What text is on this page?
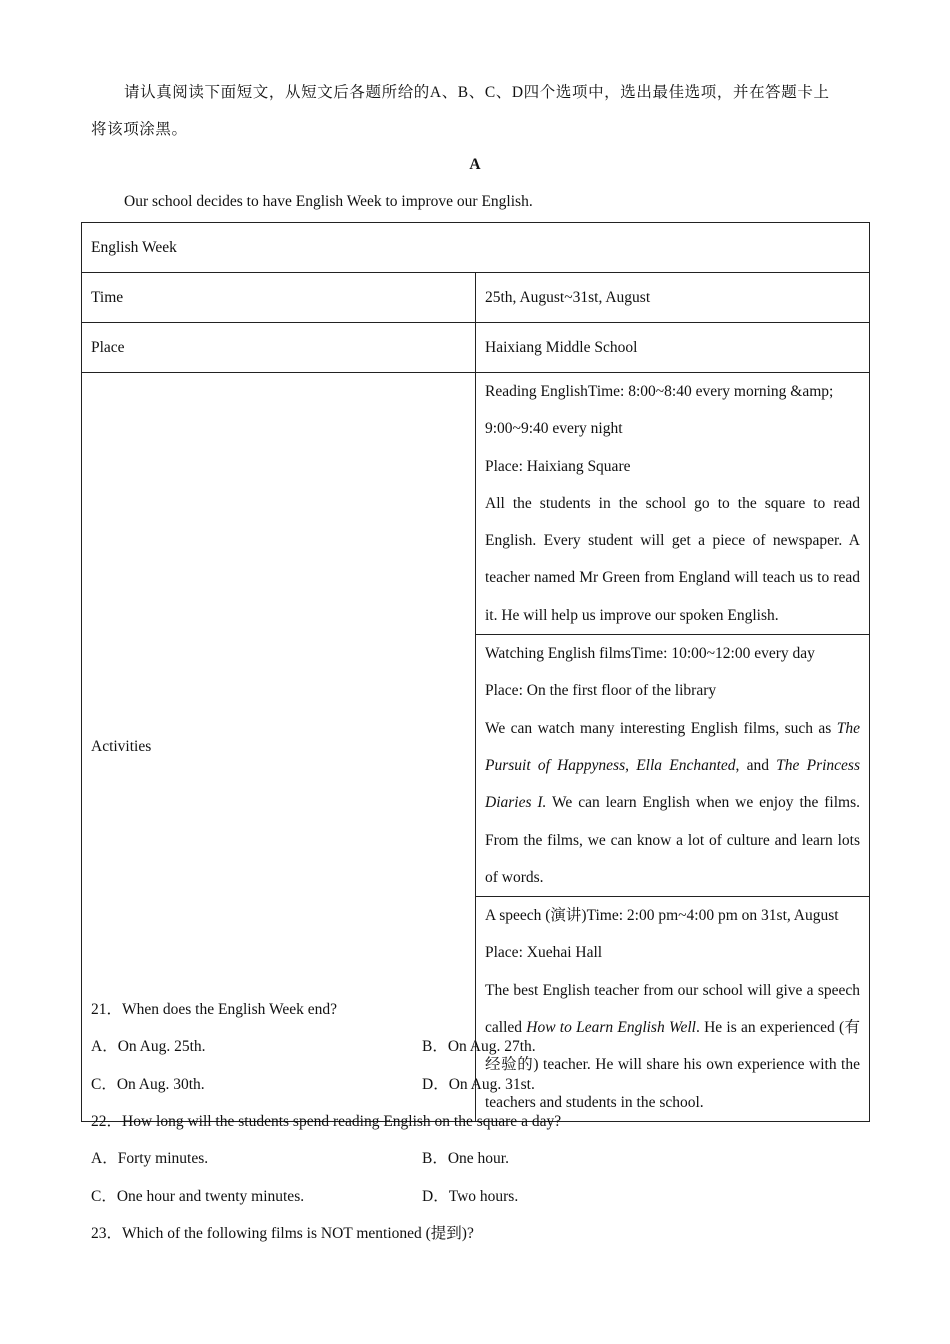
请认真阅读下面短文，从短文后各题所给的A、B、C、D四个选项中，选出最佳选项，并在答题卡上
将该项涂黑。
A
Our school decides to have English Week to improve our English.
English Week	
Time	25th, August~31st, August
Place	Haixiang Middle School
Activities	Reading EnglishTime: 8:00~8:40 every morning &amp; 9:00~9:40 every night

Place: Haixiang Square

All the students in the school go to the square to read English. Every student will get a piece of newspaper. A teacher named Mr Green from England will teach us to read it. He will help us improve our spoken English.

	Watching English filmsTime: 10:00~12:00 every day

Place: On the first floor of the library

We can watch many interesting English films, such as The Pursuit of Happyness, Ella Enchanted, and The Princess Diaries I. We can learn English when we enjoy the films. From the films, we can know a lot of culture and learn lots of words.

	A speech (演讲)Time: 2:00 pm~4:00 pm on 31st, August

Place: Xuehai Hall

The best English teacher from our school will give a speech called How to Learn English Well. He is an experienced (有经验的) teacher. He will share his own experience with the teachers and students in the school.

21．When does the English Week end?
A．On Aug. 25th.	B．On Aug. 27th.
C．On Aug. 30th.	D．On Aug. 31st.
22．How long will the students spend reading English on the square a day?
A．Forty minutes.	B．One hour.
C．One hour and twenty minutes.	D．Two hours.
23．Which of the following films is NOT mentioned (提到)?
